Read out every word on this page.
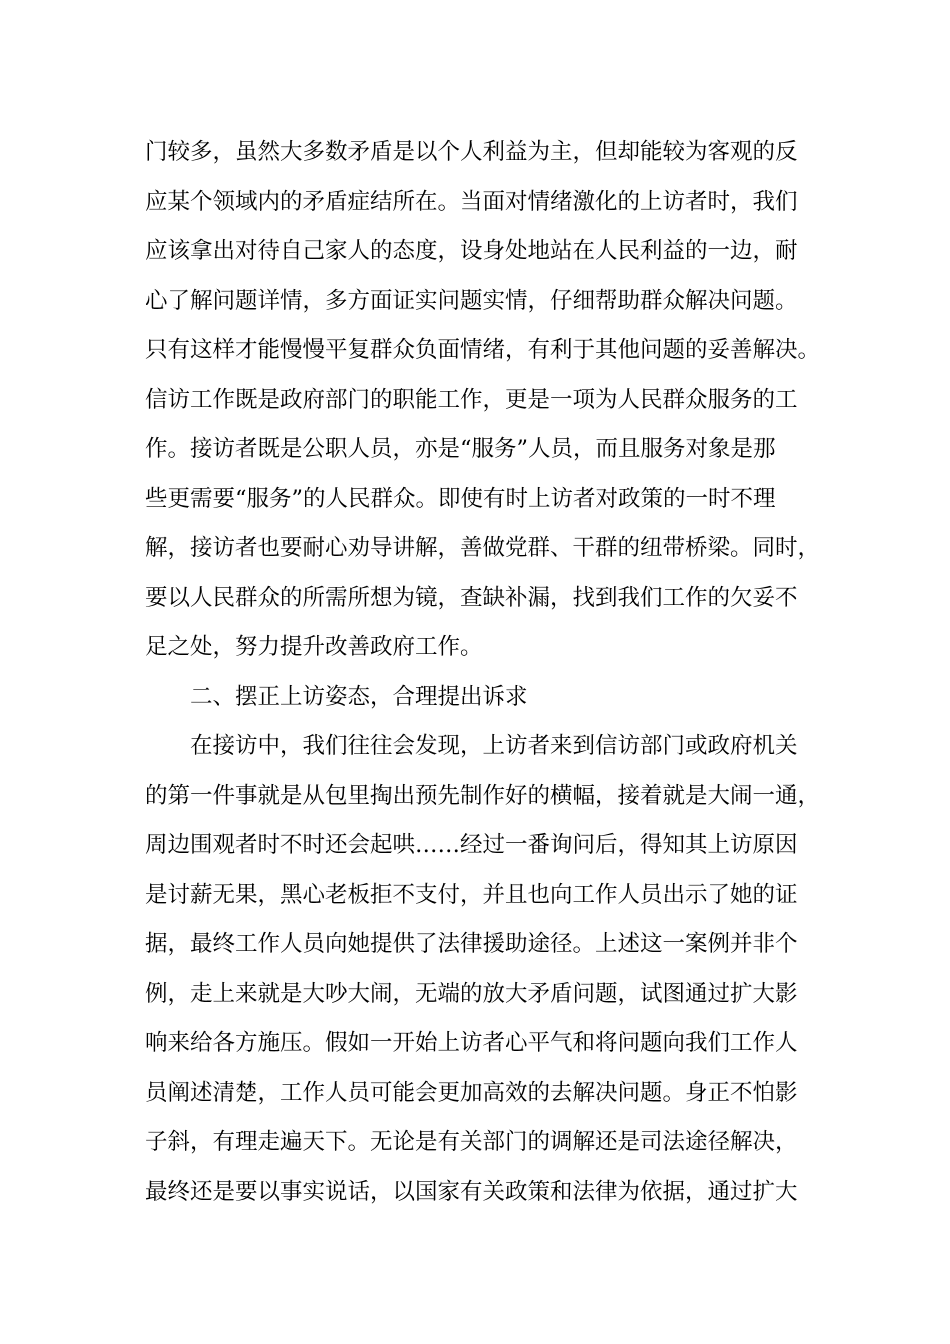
门较多，虽然大多数矛盾是以个人利益为主，但却能较为客观的反
应某个领域内的矛盾症结所在。当面对情绪激化的上访者时，我们
应该拿出对待自己家人的态度，设身处地站在人民利益的一边，耐
心了解问题详情，多方面证实问题实情，仔细帮助群众解决问题。
只有这样才能慢慢平复群众负面情绪，有利于其他问题的妥善解决。
信访工作既是政府部门的职能工作，更是一项为人民群众服务的工
作。接访者既是公职人员，亦是“服务”人员，而且服务对象是那
些更需要“服务”的人民群众。即使有时上访者对政策的一时不理
解，接访者也要耐心劝导讲解，善做党群、干群的纽带桥梁。同时，
要以人民群众的所需所想为镜，查缺补漏，找到我们工作的欠妥不
足之处，努力提升改善政府工作。
二、摆正上访姿态，合理提出诉求
在接访中，我们往往会发现，上访者来到信访部门或政府机关
的第一件事就是从包里掏出预先制作好的横幅，接着就是大闹一通，
周边围观者时不时还会起哄……经过一番询问后，得知其上访原因
是讨薪无果，黑心老板拒不支付，并且也向工作人员出示了她的证
据，最终工作人员向她提供了法律援助途径。上述这一案例并非个
例，走上来就是大吵大闹，无端的放大矛盾问题，试图通过扩大影
响来给各方施压。假如一开始上访者心平气和将问题向我们工作人
员阐述清楚，工作人员可能会更加高效的去解决问题。身正不怕影
子斜，有理走遍天下。无论是有关部门的调解还是司法途径解决，
最终还是要以事实说话，以国家有关政策和法律为依据，通过扩大
